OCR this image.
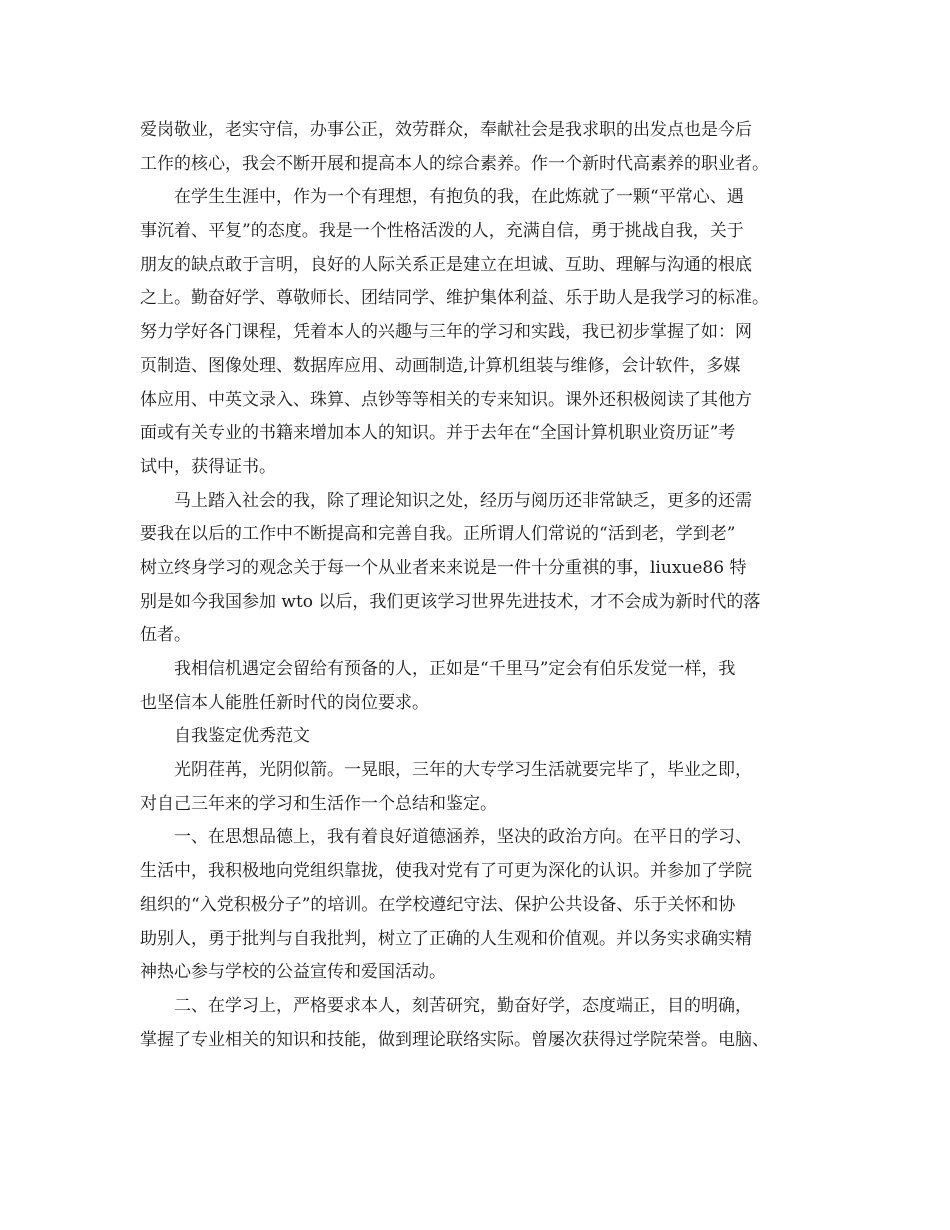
爱岗敬业，老实守信，办事公正，效劳群众，奉献社会是我求职的出发点也是今后
工作的核心，我会不断开展和提高本人的综合素养。作一个新时代高素养的职业者。
在学生生涯中，作为一个有理想，有抱负的我，在此炼就了一颗“平常心、遇
事沉着、平复”的态度。我是一个性格活泼的人，充满自信，勇于挑战自我，关于
朋友的缺点敢于言明，良好的人际关系正是建立在坦诚、互助、理解与沟通的根底
之上。勤奋好学、尊敬师长、团结同学、维护集体利益、乐于助人是我学习的标准。
努力学好各门课程，凭着本人的兴趣与三年的学习和实践，我已初步掌握了如：网
页制造、图像处理、数据库应用、动画制造,计算机组装与维修，会计软件，多媒
体应用、中英文录入、珠算、点钞等等相关的专来知识。课外还积极阅读了其他方
面或有关专业的书籍来增加本人的知识。并于去年在“全国计算机职业资历证”考
试中，获得证书。
马上踏入社会的我，除了理论知识之处，经历与阅历还非常缺乏，更多的还需
要我在以后的工作中不断提高和完善自我。正所谓人们常说的“活到老，学到老”
树立终身学习的观念关于每一个从业者来来说是一件十分重祺的事，liuxue86 特
别是如今我国参加 wto 以后，我们更该学习世界先进技术，才不会成为新时代的落
伍者。
我相信机遇定会留给有预备的人，正如是“千里马”定会有伯乐发觉一样，我
也坚信本人能胜任新时代的岗位要求。
自我鉴定优秀范文
光阴荏苒，光阴似箭。一晃眼，三年的大专学习生活就要完毕了，毕业之即，
对自己三年来的学习和生活作一个总结和鉴定。
一、在思想品德上，我有着良好道德涵养，坚决的政治方向。在平日的学习、
生活中，我积极地向党组织靠拢，使我对党有了可更为深化的认识。并参加了学院
组织的“入党积极分子”的培训。在学校遵纪守法、保护公共设备、乐于关怀和协
助别人，勇于批判与自我批判，树立了正确的人生观和价值观。并以务实求确实精
神热心参与学校的公益宣传和爱国活动。
二、在学习上，严格要求本人，刻苦研究，勤奋好学，态度端正，目的明确，
掌握了专业相关的知识和技能，做到理论联络实际。曾屡次获得过学院荣誉。电脑、
